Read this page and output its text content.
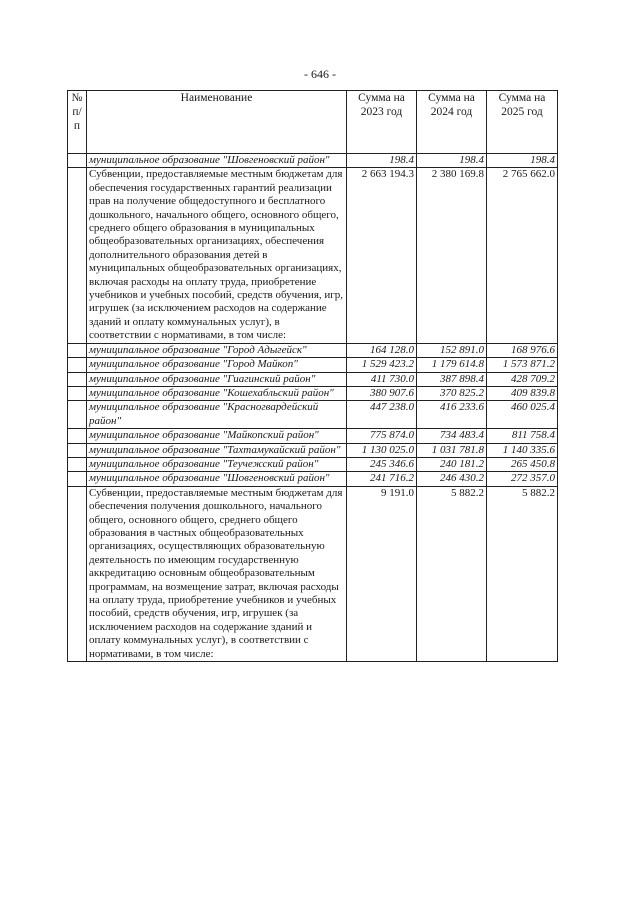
- 646 -
№ п/п	Наименование	Сумма на 2023 год	Сумма на 2024 год	Сумма на 2025 год
	муниципальное образование "Шовгеновский район"	198.4	198.4	198.4
	Субвенции, предоставляемые местным бюджетам для обеспечения государственных гарантий реализации прав на получение общедоступного и бесплатного дошкольного, начального общего, основного общего, среднего общего образования в муниципальных общеобразовательных организациях, обеспечения дополнительного образования детей в муниципальных общеобразовательных организациях, включая расходы на оплату труда, приобретение учебников и учебных пособий, средств обучения, игр, игрушек (за исключением расходов на содержание зданий и оплату коммунальных услуг), в соответствии с нормативами, в том числе:	2 663 194.3	2 380 169.8	2 765 662.0
	муниципальное образование "Город Адыгейск"	164 128.0	152 891.0	168 976.6
	муниципальное образование "Город Майкоп"	1 529 423.2	1 179 614.8	1 573 871.2
	муниципальное образование "Гиагинский район"	411 730.0	387 898.4	428 709.2
	муниципальное образование "Кошехабльский район"	380 907.6	370 825.2	409 839.8
	муниципальное образование "Красногвардейский район"	447 238.0	416 233.6	460 025.4
	муниципальное образование "Майкопский район"	775 874.0	734 483.4	811 758.4
	муниципальное образование "Тахтамукайский район"	1 130 025.0	1 031 781.8	1 140 335.6
	муниципальное образование "Теучежский район"	245 346.6	240 181.2	265 450.8
	муниципальное образование "Шовгеновский район"	241 716.2	246 430.2	272 357.0
	Субвенции, предоставляемые местным бюджетам для обеспечения получения дошкольного, начального общего, основного общего, среднего общего образования в частных общеобразовательных организациях, осуществляющих образовательную деятельность по имеющим государственную аккредитацию основным общеобразовательным программам, на возмещение затрат, включая расходы на оплату труда, приобретение учебников и учебных пособий, средств обучения, игр, игрушек (за исключением расходов на содержание зданий и оплату коммунальных услуг), в соответствии с нормативами, в том числе:	9 191.0	5 882.2	5 882.2
